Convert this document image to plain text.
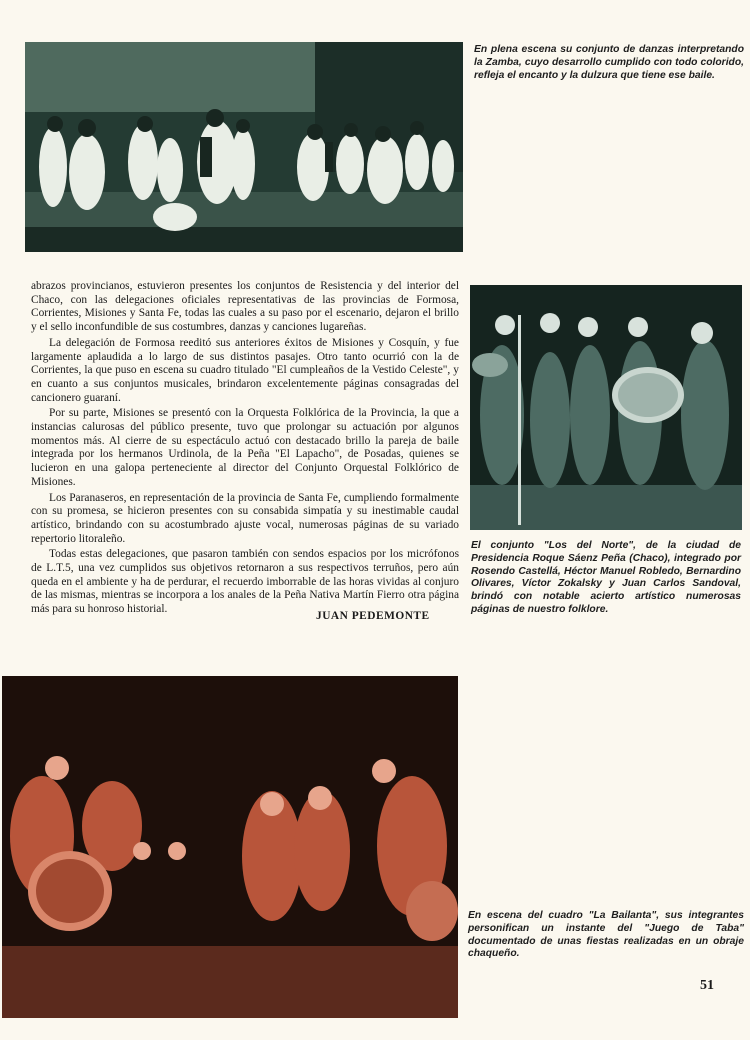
En plena escena su conjunto de danzas interpretando la Zamba, cuyo desarrollo cumplido con todo colorido, refleja el encanto y la dulzura que tiene ese baile.
El conjunto "Los del Norte", de la ciudad de Presidencia Roque Sáenz Peña (Chaco), integrado por Rosendo Castellá, Héctor Manuel Robledo, Bernardino Olivares, Víctor Zokalsky y Juan Carlos Sandoval, brindó con notable acierto artístico numerosas páginas de nuestro folklore.

abrazos provincianos, estuvieron presentes los conjuntos de Resistencia y del interior del Chaco, con las delegaciones oficiales representativas de las provincias de Formosa, Corrientes, Misiones y Santa Fe, todas las cuales a su paso por el escenario, dejaron el brillo y el sello inconfundible de sus costumbres, danzas y canciones lugareñas.

La delegación de Formosa reeditó sus anteriores éxitos de Misiones y Cosquín, y fue largamente aplaudida a lo largo de sus distintos pasajes. Otro tanto ocurrió con la de Corrientes, la que puso en escena su cuadro titulado "El cumpleaños de la Vestido Celeste", y en cuanto a sus conjuntos musicales, brindaron excelentemente páginas consagradas del cancionero guaraní.

Por su parte, Misiones se presentó con la Orquesta Folklórica de la Provincia, la que a instancias calurosas del público presente, tuvo que prolongar su actuación por algunos momentos más. Al cierre de su espectáculo actuó con destacado brillo la pareja de baile integrada por los hermanos Urdinola, de la Peña "El Lapacho", de Posadas, quienes se lucieron en una galopa perteneciente al director del Conjunto Orquestal Folklórico de Misiones.

Los Paranaseros, en representación de la provincia de Santa Fe, cumpliendo formalmente con su promesa, se hicieron presentes con su consabida simpatía y su inestimable caudal artístico, brindando con su acostumbrado ajuste vocal, numerosas páginas de su variado repertorio litoraleño.

Todas estas delegaciones, que pasaron también con sendos espacios por los micrófonos de L.T.5, una vez cumplidos sus objetivos retornaron a sus respectivos terruños, pero aún queda en el ambiente y ha de perdurar, el recuerdo imborrable de las horas vividas al conjuro de las mismas, mientras se incorpora a los anales de la Peña Nativa Martín Fierro otra página más para su honroso historial.

JUAN PEDEMONTE
En escena del cuadro "La Bailanta", sus integrantes personifican un instante del "Juego de Taba" documentado de unas fiestas realizadas en un obraje chaqueño.
51
